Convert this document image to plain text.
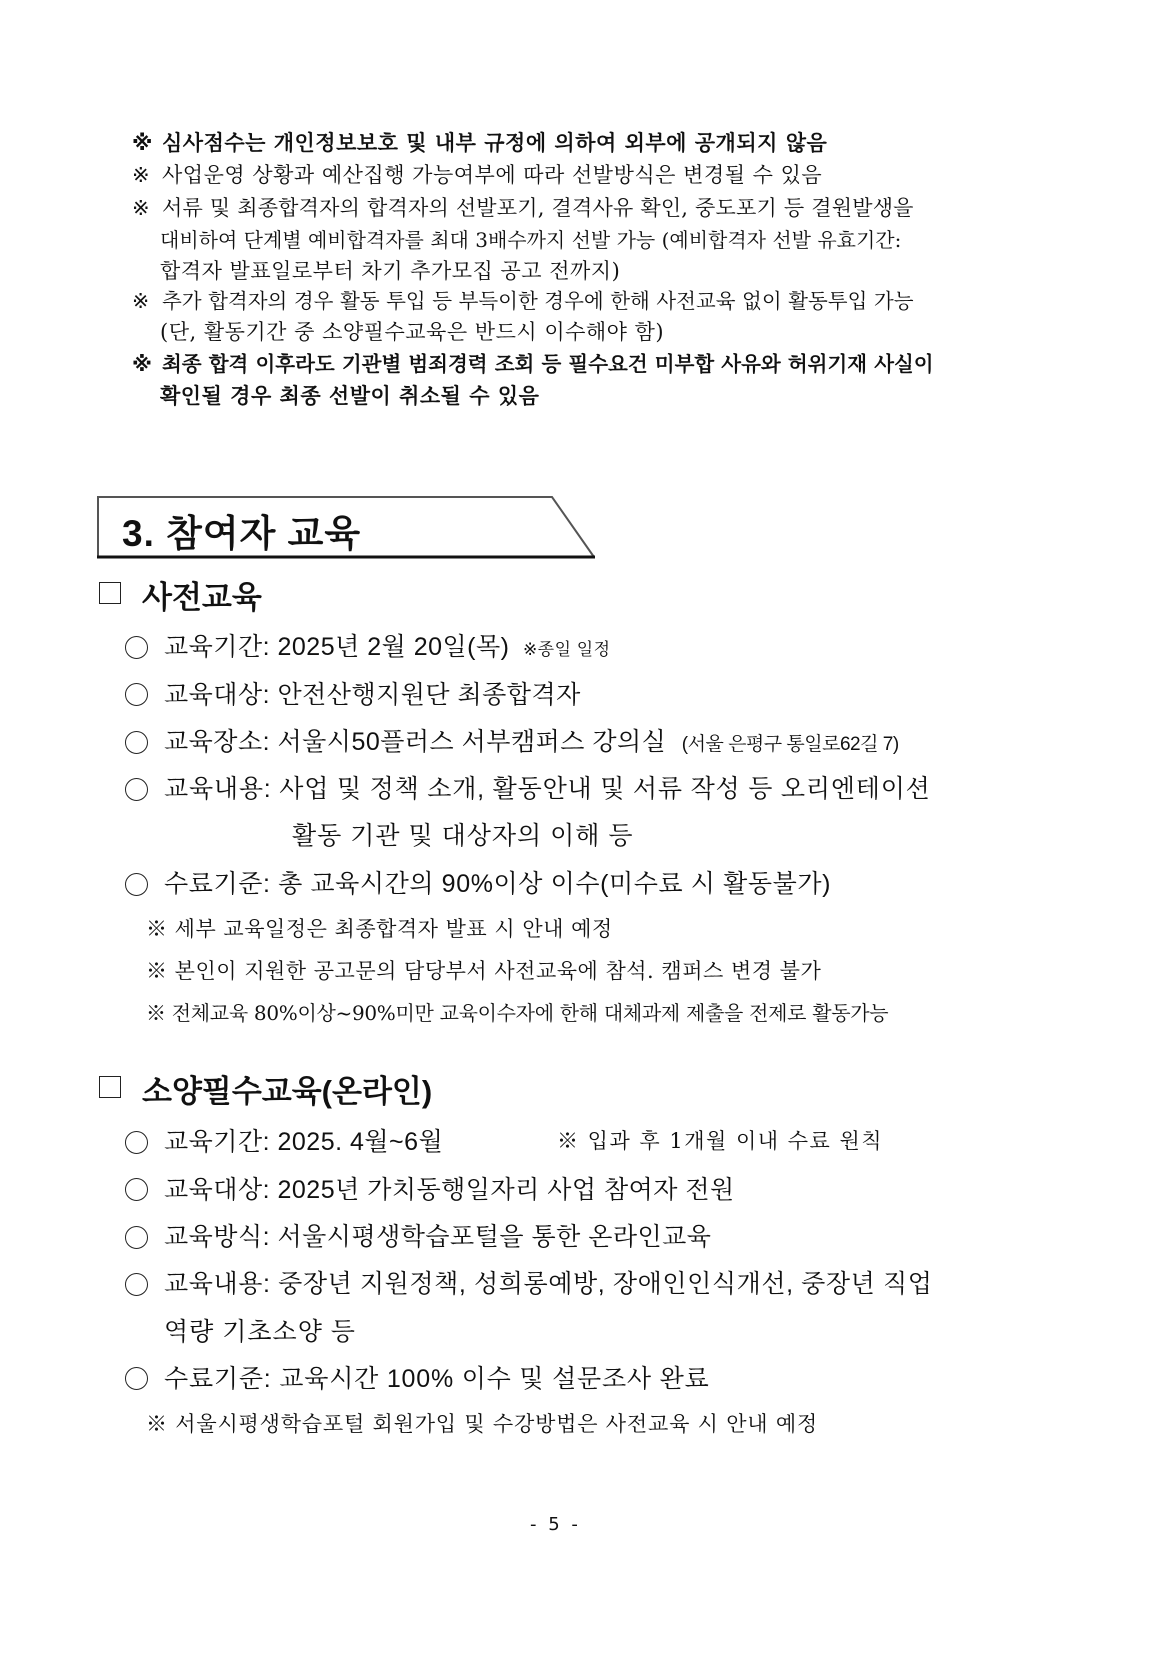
※ 심사점수는 개인정보보호 및 내부 규정에 의하여 외부에 공개되지 않음
※ 사업운영 상황과 예산집행 가능여부에 따라 선발방식은 변경될 수 있음
※ 서류 및 최종합격자의 합격자의 선발포기, 결격사유 확인, 중도포기 등 결원발생을
대비하여 단계별 예비합격자를 최대 3배수까지 선발 가능 (예비합격자 선발 유효기간:
합격자 발표일로부터 차기 추가모집 공고 전까지)
※ 추가 합격자의 경우 활동 투입 등 부득이한 경우에 한해 사전교육 없이 활동투입 가능
(단, 활동기간 중 소양필수교육은 반드시 이수해야 함)
※ 최종 합격 이후라도 기관별 범죄경력 조회 등 필수요건 미부합 사유와 허위기재 사실이
확인될 경우 최종 선발이 취소될 수 있음
3. 참여자 교육
사전교육
교육기간: 2025년 2월 20일(목) ※종일 일정
교육대상: 안전산행지원단 최종합격자
교육장소: 서울시50플러스 서부캠퍼스 강의실 (서울 은평구 통일로62길 7)
교육내용: 사업 및 정책 소개, 활동안내 및 서류 작성 등 오리엔테이션
활동 기관 및 대상자의 이해 등
수료기준: 총 교육시간의 90%이상 이수(미수료 시 활동불가)
※ 세부 교육일정은 최종합격자 발표 시 안내 예정
※ 본인이 지원한 공고문의 담당부서 사전교육에 참석. 캠퍼스 변경 불가
※ 전체교육 80%이상~90%미만 교육이수자에 한해 대체과제 제출을 전제로 활동가능
소양필수교육(온라인)
교육기간: 2025. 4월~6월	※ 입과 후 1개월 이내 수료 원칙
교육대상: 2025년 가치동행일자리 사업 참여자 전원
교육방식: 서울시평생학습포털을 통한 온라인교육
교육내용: 중장년 지원정책, 성희롱예방, 장애인인식개선, 중장년 직업
역량 기초소양 등
수료기준: 교육시간 100% 이수 및 설문조사 완료
※ 서울시평생학습포털 회원가입 및 수강방법은 사전교육 시 안내 예정
- 5 -
